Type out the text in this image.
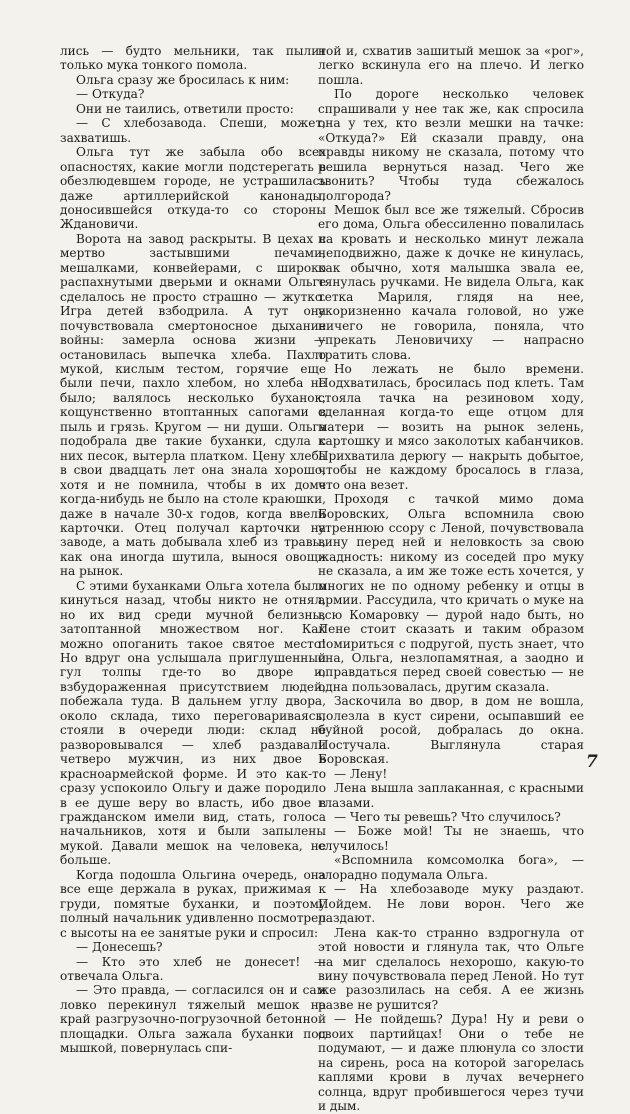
лись — будто мельники, так пылит только мука тонкого помола.

Ольга сразу же бросилась к ним:

— Откуда?

Они не таились, ответили просто:

— С хлебозавода. Спеши, может, захватишь.

Ольга тут же забыла обо всех опасностях, какие могли подстерегать в обезлюдевшем городе, не устрашилась даже артиллерийской канонады, доносившейся откуда-то со стороны Ждановичи.

Ворота на завод раскрыты. В цехах с мертво застывшими печами, мешалками, конвейерами, с широко распахнутыми дверьми и окнами Ольге сделалось не просто страшно — жутко. Игра детей взбодрила. А тут она почувствовала смертоносное дыхание войны: замерла основа жизни — остановилась выпечка хлеба. Пахло мукой, кислым тестом, горячие еще были печи, пахло хлебом, но хлеба не было; валялось несколько буханок, кощунственно втоптанных сапогами в пыль и грязь. Кругом — ни души. Ольга подобрала две такие буханки, сдула с них песок, вытерла платком. Цену хлеба в свои двадцать лет она знала хорошо, хотя и не помнила, чтобы в их доме когда-нибудь не было на столе краюшки, даже в начале 30-х годов, когда ввели карточки. Отец получал карточки на заводе, а мать добывала хлеб из травы, как она иногда шутила, вынося овощи на рынок.

С этими буханками Ольга хотела было кинуться назад, чтобы никто не отнял, но их вид среди мучной белизны, затоптанной множеством ног. Как можно опоганить такое святое место! Но вдруг она услышала приглушенный гул толпы где-то во дворе и, взбудораженная присутствием людей, побежала туда. В дальнем углу двора, около склада, тихо переговариваясь, стояли в очереди люди: склад не разворовывался — хлеб раздавали четверо мужчин, из них двое в красноармейской форме. И это как-то сразу успокоило Ольгу и даже породило в ее душе веру во власть, ибо двое в гражданском имели вид, стать, голоса начальников, хотя и были запылены мукой. Давали мешок на человека, не больше.

Когда подошла Ольгина очередь, она все еще держала в руках, прижимая к груди, помятые буханки, и поэтому полный начальник удивленно посмотрел с высоты на ее занятые руки и спросил:

— Донесешь?

— Кто это хлеб не донесет! — отвечала Ольга.

— Это правда, — согласился он и сам ловко перекинул тяжелый мешок на край разгрузочно-погрузочной бетонной площадки. Ольга зажала буханки под мышкой, повернулась спи-

ной и, схватив зашитый мешок за «рог», легко вскинула его на плечо. И легко пошла.

По дороге несколько человек спрашивали у нее так же, как спросила она у тех, кто везли мешки на тачке: «Откуда?» Ей сказали правду, она правды никому не сказала, потому что решила вернуться назад. Чего же звонить? Чтобы туда сбежалось полгорода?

Мешок был все же тяжелый. Сбросив его дома, Ольга обессиленно повалилась на кровать и несколько минут лежала неподвижно, даже к дочке не кинулась, как обычно, хотя малышка звала ее, тянулась ручками. Не видела Ольга, как тетка Мариля, глядя на нее, укоризненно качала головой, но уже ничего не говорила, поняла, что упрекать Леновичиху — напрасно тратить слова.

Но лежать не было времени. Подхватилась, бросилась под клеть. Там стояла тачка на резиновом ходу, сделанная когда-то еще отцом для матери — возить на рынок зелень, картошку и мясо заколотых кабанчиков. Прихватила дерюгу — накрыть добытое, чтобы не каждому бросалось в глаза, что она везет.

Проходя с тачкой мимо дома Боровских, Ольга вспомнила свою утреннюю ссору с Леной, почувствовала вину перед ней и неловкость за свою жадность: никому из соседей про муку не сказала, а им же тоже есть хочется, у многих не по одному ребенку и отцы в армии. Рассудила, что кричать о муке на всю Комаровку — дурой надо быть, но Лене стоит сказать и таким образом помириться с подругой, пусть знает, что она, Ольга, незлопамятная, а заодно и оправдаться перед своей совестью — не одна пользовалась, другим сказала.

Заскочила во двор, в дом не вошла, полезла в куст сирени, осыпавший ее буйной росой, добралась до окна. Постучала. Выглянула старая Боровская.

— Лену!

Лена вышла заплаканная, с красными глазами.

— Чего ты ревешь? Что случилось?

— Боже мой! Ты не знаешь, что случилось!

«Вспомнила комсомолка бога», — злорадно подумала Ольга.

— На хлебозаводе муку раздают. Пойдем. Не лови ворон. Чего же раздают.

Лена как-то странно вздрогнула от этой новости и глянула так, что Ольге на миг сделалось нехорошо, какую-то вину почувствовала перед Леной. Но тут же разозлилась на себя. А ее жизнь разве не рушится?

— Не пойдешь? Дура! Ну и реви о своих партийцах! Они о тебе не подумают, — и даже плюнула со злости на сирень, роса на которой загорелась каплями крови в лучах вечернего солнца, вдруг пробившегося через тучи и дым.

7
